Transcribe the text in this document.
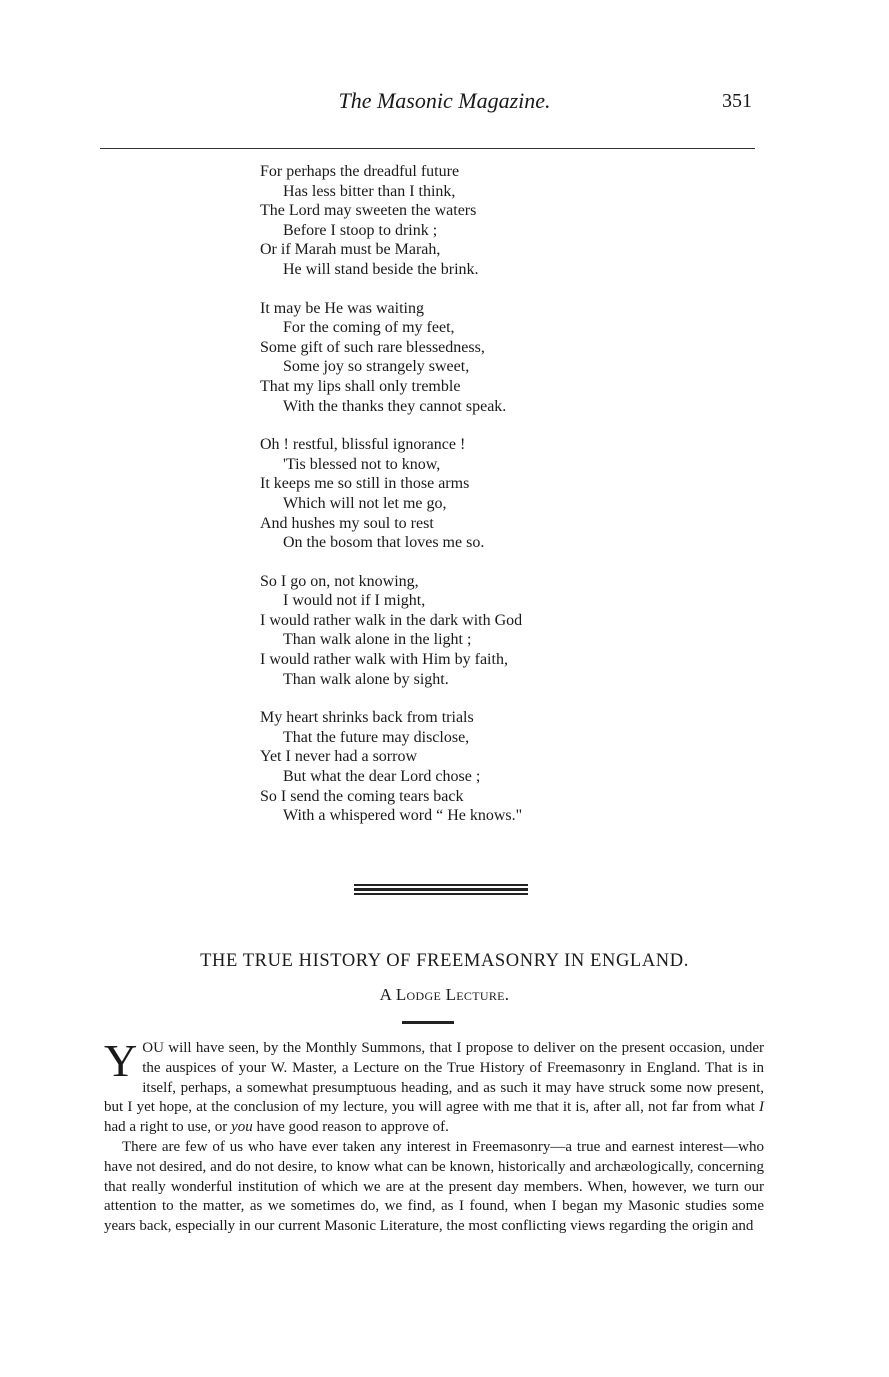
The Masonic Magazine.	351
For perhaps the dreadful future
Has less bitter than I think,
The Lord may sweeten the waters
Before I stoop to drink ;
Or if Marah must be Marah,
He will stand beside the brink.
It may be He was waiting
For the coming of my feet,
Some gift of such rare blessedness,
Some joy so strangely sweet,
That my lips shall only tremble
With the thanks they cannot speak.
Oh ! restful, blissful ignorance !
'Tis blessed not to know,
It keeps me so still in those arms
Which will not let me go,
And hushes my soul to rest
On the bosom that loves me so.
So I go on, not knowing,
I would not if I might,
I would rather walk in the dark with God
Than walk alone in the light ;
I would rather walk with Him by faith,
Than walk alone by sight.
My heart shrinks back from trials
That the future may disclose,
Yet I never had a sorrow
But what the dear Lord chose ;
So I send the coming tears back
With a whispered word “ He knows."
THE TRUE HISTORY OF FREEMASONRY IN ENGLAND.
A Lodge Lecture.

YOU will have seen, by the Monthly Summons, that I propose to deliver on the present occasion, under the auspices of your W. Master, a Lecture on the True History of Freemasonry in England. That is in itself, perhaps, a somewhat presumptuous heading, and as such it may have struck some now present, but I yet hope, at the conclusion of my lecture, you will agree with me that it is, after all, not far from what I had a right to use, or you have good reason to approve of.

There are few of us who have ever taken any interest in Freemasonry—a true and earnest interest—who have not desired, and do not desire, to know what can be known, historically and archæologically, concerning that really wonderful institution of which we are at the present day members. When, however, we turn our attention to the matter, as we sometimes do, we find, as I found, when I began my Masonic studies some years back, especially in our current Masonic Literature, the most conflicting views regarding the origin and
